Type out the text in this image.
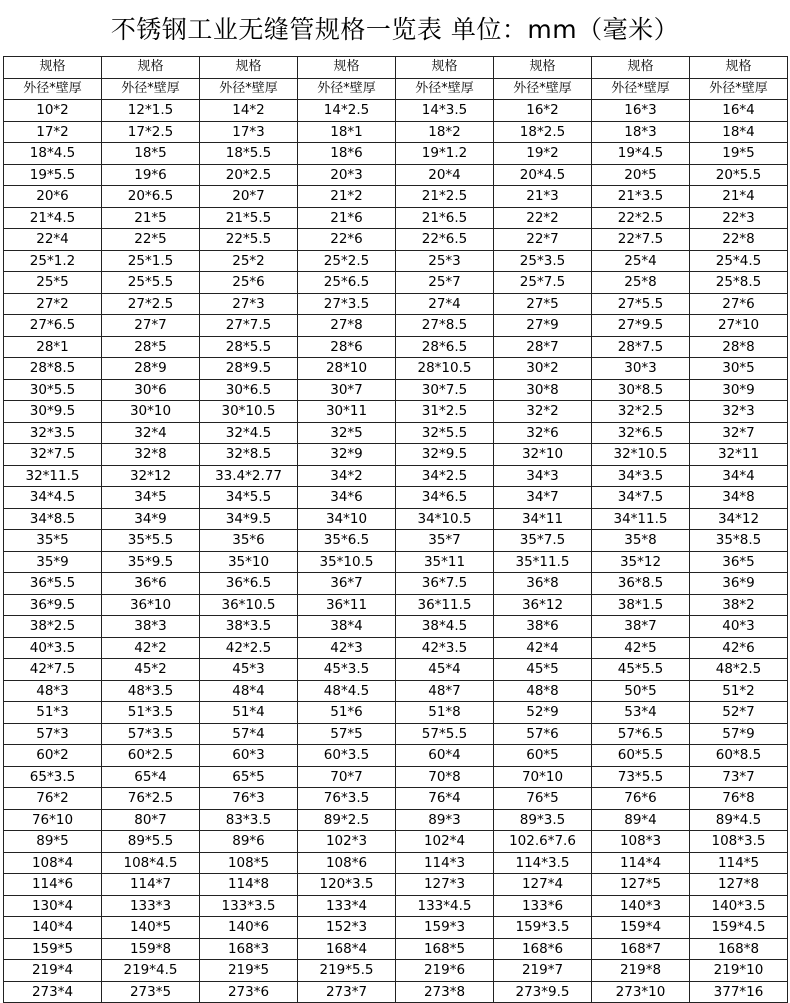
不锈钢工业无缝管规格一览表 单位：mm（毫米）
规格	规格	规格	规格	规格	规格	规格	规格
外径*壁厚	外径*壁厚	外径*壁厚	外径*壁厚	外径*壁厚	外径*壁厚	外径*壁厚	外径*壁厚
10*2	12*1.5	14*2	14*2.5	14*3.5	16*2	16*3	16*4
17*2	17*2.5	17*3	18*1	18*2	18*2.5	18*3	18*4
18*4.5	18*5	18*5.5	18*6	19*1.2	19*2	19*4.5	19*5
19*5.5	19*6	20*2.5	20*3	20*4	20*4.5	20*5	20*5.5
20*6	20*6.5	20*7	21*2	21*2.5	21*3	21*3.5	21*4
21*4.5	21*5	21*5.5	21*6	21*6.5	22*2	22*2.5	22*3
22*4	22*5	22*5.5	22*6	22*6.5	22*7	22*7.5	22*8
25*1.2	25*1.5	25*2	25*2.5	25*3	25*3.5	25*4	25*4.5
25*5	25*5.5	25*6	25*6.5	25*7	25*7.5	25*8	25*8.5
27*2	27*2.5	27*3	27*3.5	27*4	27*5	27*5.5	27*6
27*6.5	27*7	27*7.5	27*8	27*8.5	27*9	27*9.5	27*10
28*1	28*5	28*5.5	28*6	28*6.5	28*7	28*7.5	28*8
28*8.5	28*9	28*9.5	28*10	28*10.5	30*2	30*3	30*5
30*5.5	30*6	30*6.5	30*7	30*7.5	30*8	30*8.5	30*9
30*9.5	30*10	30*10.5	30*11	31*2.5	32*2	32*2.5	32*3
32*3.5	32*4	32*4.5	32*5	32*5.5	32*6	32*6.5	32*7
32*7.5	32*8	32*8.5	32*9	32*9.5	32*10	32*10.5	32*11
32*11.5	32*12	33.4*2.77	34*2	34*2.5	34*3	34*3.5	34*4
34*4.5	34*5	34*5.5	34*6	34*6.5	34*7	34*7.5	34*8
34*8.5	34*9	34*9.5	34*10	34*10.5	34*11	34*11.5	34*12
35*5	35*5.5	35*6	35*6.5	35*7	35*7.5	35*8	35*8.5
35*9	35*9.5	35*10	35*10.5	35*11	35*11.5	35*12	36*5
36*5.5	36*6	36*6.5	36*7	36*7.5	36*8	36*8.5	36*9
36*9.5	36*10	36*10.5	36*11	36*11.5	36*12	38*1.5	38*2
38*2.5	38*3	38*3.5	38*4	38*4.5	38*6	38*7	40*3
40*3.5	42*2	42*2.5	42*3	42*3.5	42*4	42*5	42*6
42*7.5	45*2	45*3	45*3.5	45*4	45*5	45*5.5	48*2.5
48*3	48*3.5	48*4	48*4.5	48*7	48*8	50*5	51*2
51*3	51*3.5	51*4	51*6	51*8	52*9	53*4	52*7
57*3	57*3.5	57*4	57*5	57*5.5	57*6	57*6.5	57*9
60*2	60*2.5	60*3	60*3.5	60*4	60*5	60*5.5	60*8.5
65*3.5	65*4	65*5	70*7	70*8	70*10	73*5.5	73*7
76*2	76*2.5	76*3	76*3.5	76*4	76*5	76*6	76*8
76*10	80*7	83*3.5	89*2.5	89*3	89*3.5	89*4	89*4.5
89*5	89*5.5	89*6	102*3	102*4	102.6*7.6	108*3	108*3.5
108*4	108*4.5	108*5	108*6	114*3	114*3.5	114*4	114*5
114*6	114*7	114*8	120*3.5	127*3	127*4	127*5	127*8
130*4	133*3	133*3.5	133*4	133*4.5	133*6	140*3	140*3.5
140*4	140*5	140*6	152*3	159*3	159*3.5	159*4	159*4.5
159*5	159*8	168*3	168*4	168*5	168*6	168*7	168*8
219*4	219*4.5	219*5	219*5.5	219*6	219*7	219*8	219*10
273*4	273*5	273*6	273*7	273*8	273*9.5	273*10	377*16
